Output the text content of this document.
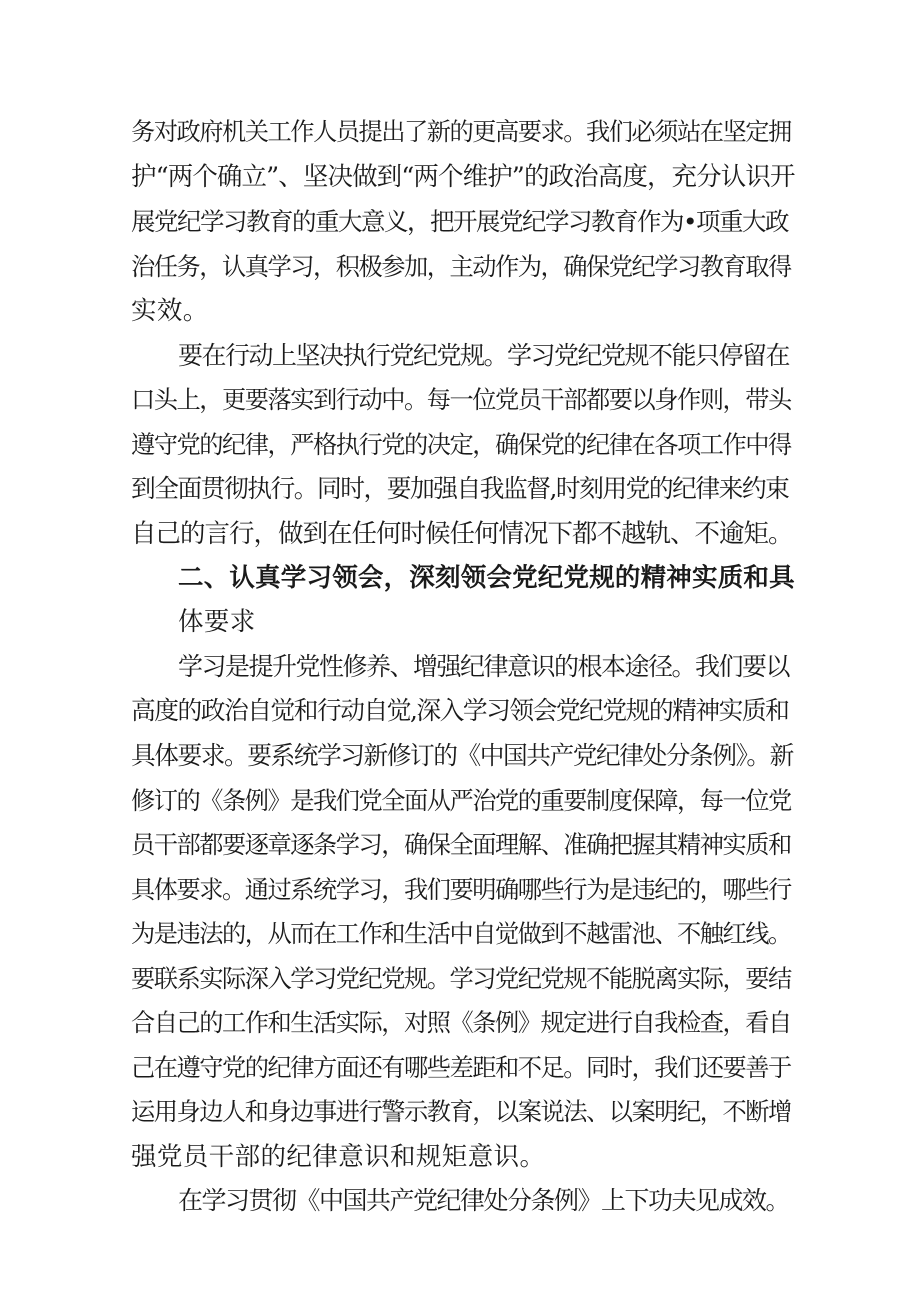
务对政府机关工作人员提出了新的更高要求。我们必须站在坚定拥
护“两个确立”、坚决做到“两个维护”的政治高度，充分认识开
展党纪学习教育的重大意义，把开展党纪学习教育作为•项重大政
治任务，认真学习，积极参加，主动作为，确保党纪学习教育取得
实效。
要在行动上坚决执行党纪党规。学习党纪党规不能只停留在
口头上，更要落实到行动中。每一位党员干部都要以身作则，带头
遵守党的纪律，严格执行党的决定，确保党的纪律在各项工作中得
到全面贯彻执行。同时，要加强自我监督,时刻用党的纪律来约束
自己的言行，做到在任何时候任何情况下都不越轨、不逾矩。
二、认真学习领会，深刻领会党纪党规的精神实质和具
体要求
学习是提升党性修养、增强纪律意识的根本途径。我们要以
高度的政治自觉和行动自觉,深入学习领会党纪党规的精神实质和
具体要求。要系统学习新修订的《中国共产党纪律处分条例》。新
修订的《条例》是我们党全面从严治党的重要制度保障，每一位党
员干部都要逐章逐条学习，确保全面理解、准确把握其精神实质和
具体要求。通过系统学习，我们要明确哪些行为是违纪的，哪些行
为是违法的，从而在工作和生活中自觉做到不越雷池、不触红线。
要联系实际深入学习党纪党规。学习党纪党规不能脱离实际，要结
合自己的工作和生活实际，对照《条例》规定进行自我检查，看自
己在遵守党的纪律方面还有哪些差距和不足。同时，我们还要善于
运用身边人和身边事进行警示教育，以案说法、以案明纪，不断增
强党员干部的纪律意识和规矩意识。
在学习贯彻《中国共产党纪律处分条例》上下功夫见成效。
